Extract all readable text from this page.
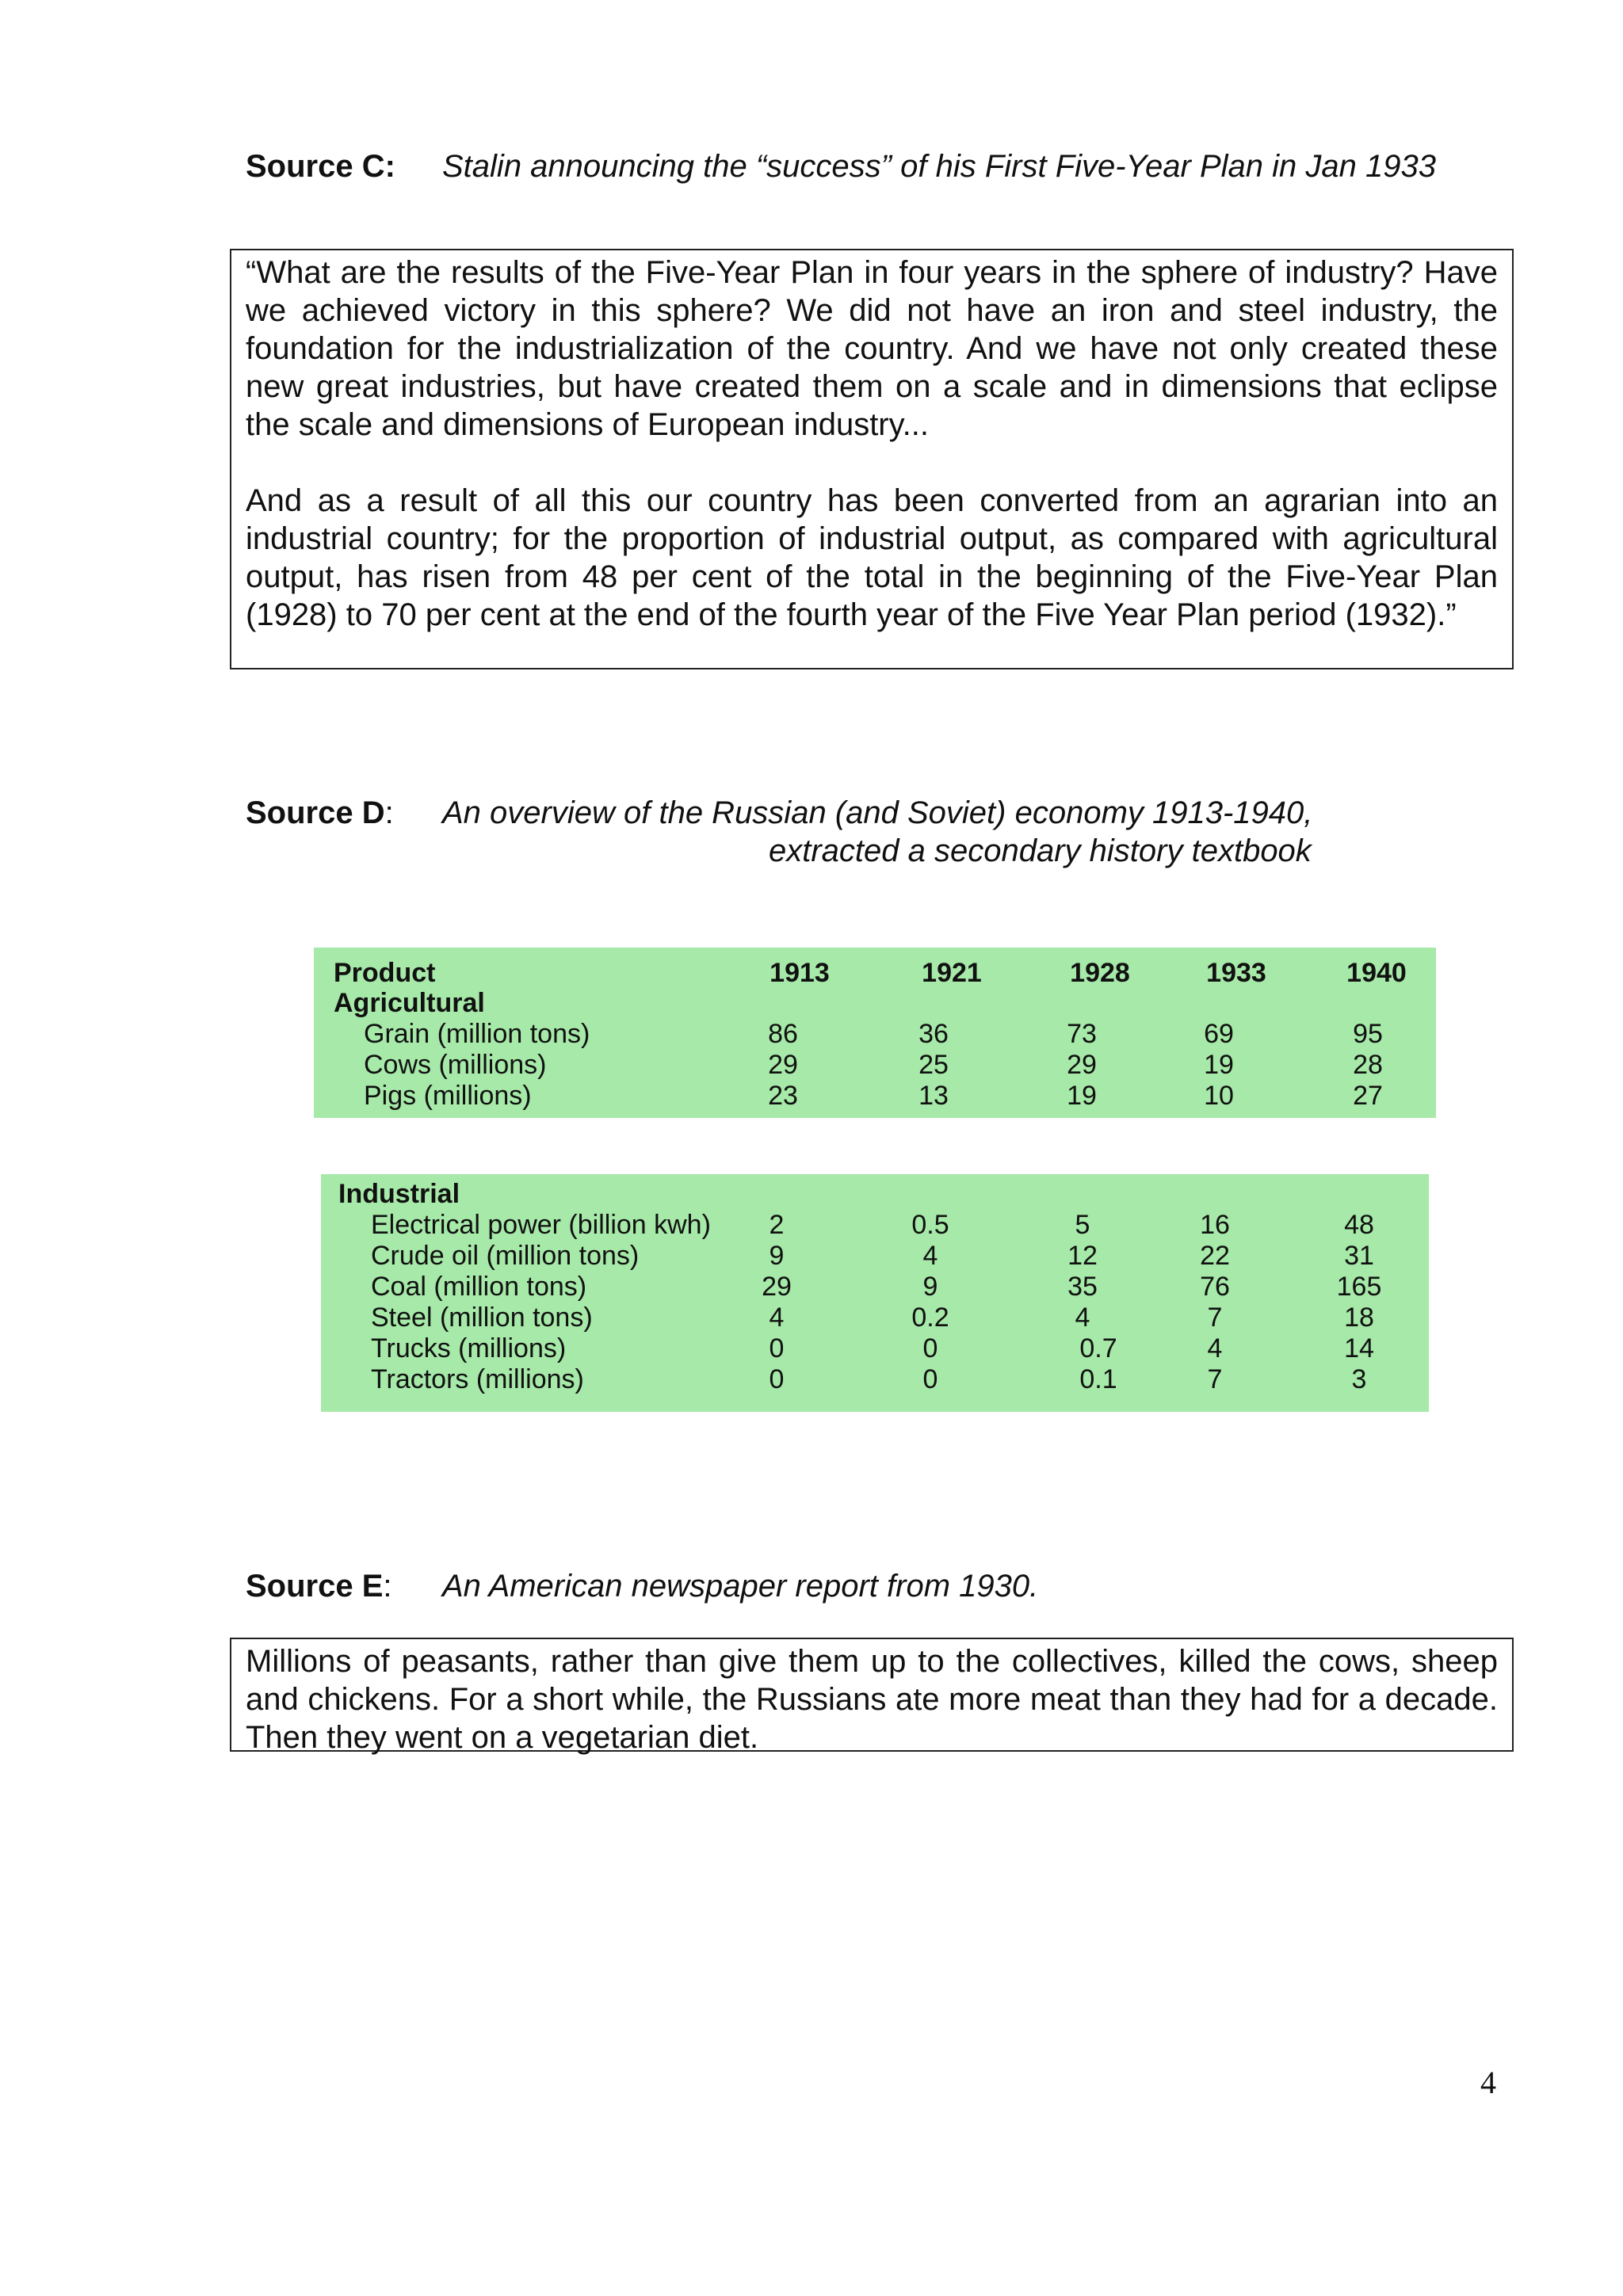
Source C: Stalin announcing the “success” of his First Five-Year Plan in Jan 1933

“What are the results of the Five-Year Plan in four years in the sphere of industry? Have we achieved victory in this sphere? We did not have an iron and steel industry, the foundation for the industrialization of the country. And we have not only created these new great industries, but have created them on a scale and in dimensions that eclipse the scale and dimensions of European industry...

And as a result of all this our country has been converted from an agrarian into an industrial country; for the proportion of industrial output, as compared with agricultural output, has risen from 48 per cent of the total in the beginning of the Five-Year Plan (1928) to 70 per cent at the end of the fourth year of the Five Year Plan period (1932).”

Source D: An overview of the Russian (and Soviet) economy 1913-1940,
extracted a secondary history textbook
Product	1913	1921	1928	1933	1940
Agricultural
Grain (million tons)	86	36	73	69	95
Cows (millions)	29	25	29	19	28
Pigs (millions)	23	13	19	10	27
Industrial
Electrical power (billion kwh)	2	0.5	5	16	48
Crude oil (million tons)	9	4	12	22	31
Coal (million tons)	29	9	35	76	165
Steel (million tons)	4	0.2	4	7	18
Trucks (millions)	0	0	0.7	4	14
Tractors (millions)	0	0	0.1	7	3
Source E: An American newspaper report from 1930.

Millions of peasants, rather than give them up to the collectives, killed the cows, sheep and chickens. For a short while, the Russians ate more meat than they had for a decade. Then they went on a vegetarian diet.

4
